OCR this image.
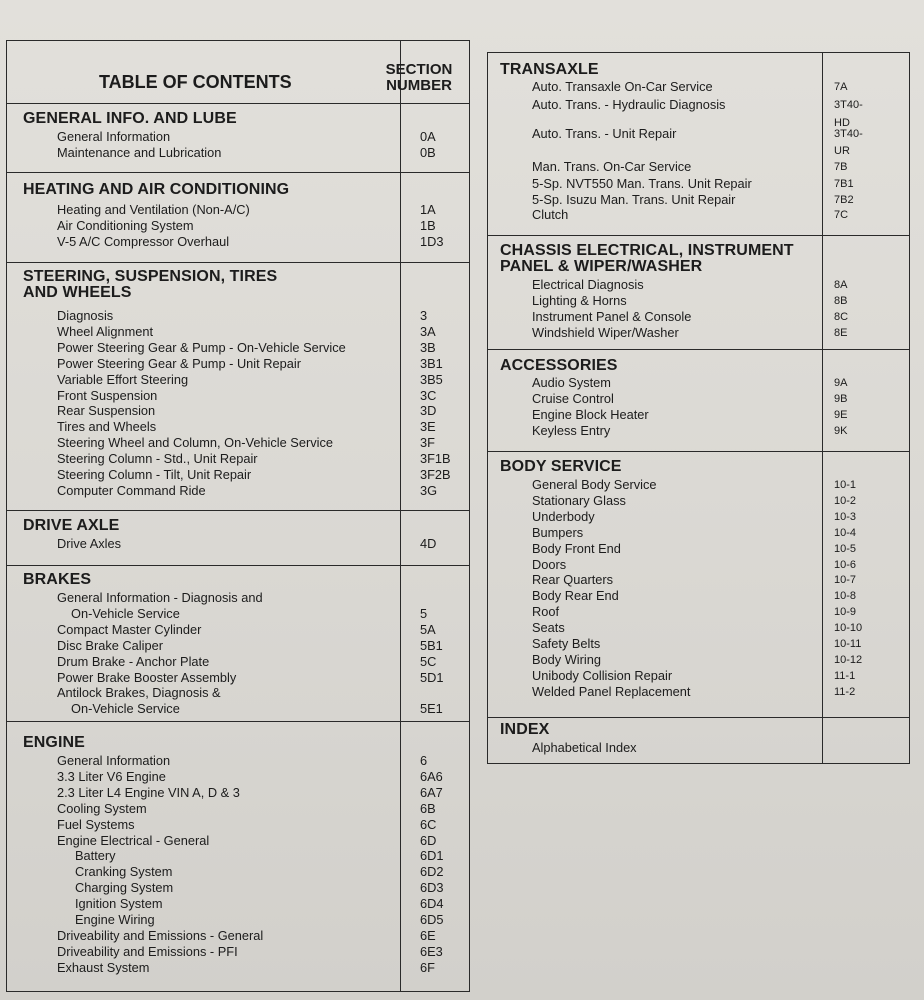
TABLE OF CONTENTS
SECTION
NUMBER
GENERAL INFO. AND LUBE
General Information	0A
Maintenance and Lubrication	0B
HEATING AND AIR CONDITIONING
Heating and Ventilation (Non-A/C)	1A
Air Conditioning System	1B
V-5 A/C Compressor Overhaul	1D3
STEERING, SUSPENSION, TIRES
AND WHEELS
Diagnosis	3
Wheel Alignment	3A
Power Steering Gear & Pump - On-Vehicle Service	3B
Power Steering Gear & Pump - Unit Repair	3B1
Variable Effort Steering	3B5
Front Suspension	3C
Rear Suspension	3D
Tires and Wheels	3E
Steering Wheel and Column, On-Vehicle Service	3F
Steering Column - Std., Unit Repair	3F1B
Steering Column - Tilt, Unit Repair	3F2B
Computer Command Ride	3G
DRIVE AXLE
Drive Axles	4D
BRAKES
General Information - Diagnosis and
On-Vehicle Service	5
Compact Master Cylinder	5A
Disc Brake Caliper	5B1
Drum Brake - Anchor Plate	5C
Power Brake Booster Assembly	5D1
Antilock Brakes, Diagnosis &
On-Vehicle Service	5E1
ENGINE
General Information	6
3.3 Liter V6 Engine	6A6
2.3 Liter L4 Engine VIN A, D & 3	6A7
Cooling System	6B
Fuel Systems	6C
Engine Electrical - General	6D
Battery	6D1
Cranking System	6D2
Charging System	6D3
Ignition System	6D4
Engine Wiring	6D5
Driveability and Emissions - General	6E
Driveability and Emissions - PFI	6E3
Exhaust System	6F
TRANSAXLE
Auto. Transaxle On-Car Service	7A
Auto. Trans. - Hydraulic Diagnosis	3T40-
HD
Auto. Trans. - Unit Repair	3T40-
UR
Man. Trans. On-Car Service	7B
5-Sp. NVT550 Man. Trans. Unit Repair	7B1
5-Sp. Isuzu Man. Trans. Unit Repair	7B2
Clutch	7C
CHASSIS ELECTRICAL, INSTRUMENT
PANEL & WIPER/WASHER
Electrical Diagnosis	8A
Lighting & Horns	8B
Instrument Panel & Console	8C
Windshield Wiper/Washer	8E
ACCESSORIES
Audio System	9A
Cruise Control	9B
Engine Block Heater	9E
Keyless Entry	9K
BODY SERVICE
General Body Service	10-1
Stationary Glass	10-2
Underbody	10-3
Bumpers	10-4
Body Front End	10-5
Doors	10-6
Rear Quarters	10-7
Body Rear End	10-8
Roof	10-9
Seats	10-10
Safety Belts	10-11
Body Wiring	10-12
Unibody Collision Repair	11-1
Welded Panel Replacement	11-2
INDEX
Alphabetical Index
